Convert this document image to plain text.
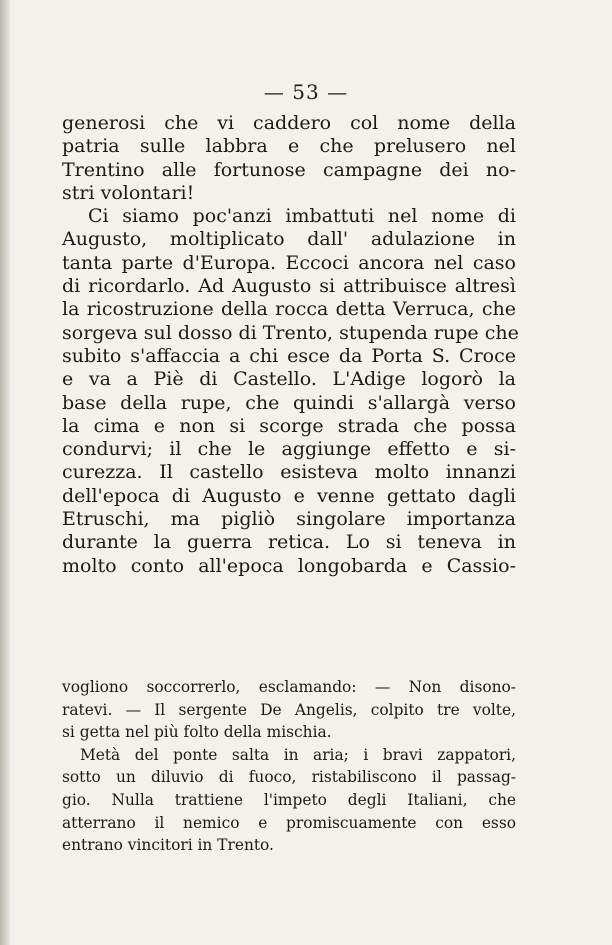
— 53 —
generosi che vi caddero col nome della
patria sulle labbra e che prelusero nel
Trentino alle fortunose campagne dei no-
stri volontari!
Ci siamo poc'anzi imbattuti nel nome di
Augusto, moltiplicato dall' adulazione in
tanta parte d'Europa. Eccoci ancora nel caso
di ricordarlo. Ad Augusto si attribuisce altresì
la ricostruzione della rocca detta Verruca, che
sorgeva sul dosso di Trento, stupenda rupe che
subito s'affaccia a chi esce da Porta S. Croce
e va a Piè di Castello. L'Adige logorò la
base della rupe, che quindi s'allargà verso
la cima e non si scorge strada che possa
condurvi; il che le aggiunge effetto e si-
curezza. Il castello esisteva molto innanzi
dell'epoca di Augusto e venne gettato dagli
Etruschi, ma pigliò singolare importanza
durante la guerra retica. Lo si teneva in
molto conto all'epoca longobarda e Cassio-
vogliono soccorrerlo, esclamando: — Non disono-
ratevi. — Il sergente De Angelis, colpito tre volte,
si getta nel più folto della mischia.
Metà del ponte salta in aria; i bravi zappatori,
sotto un diluvio di fuoco, ristabiliscono il passag-
gio. Nulla trattiene l'impeto degli Italiani, che
atterrano il nemico e promiscuamente con esso
entrano vincitori in Trento.
